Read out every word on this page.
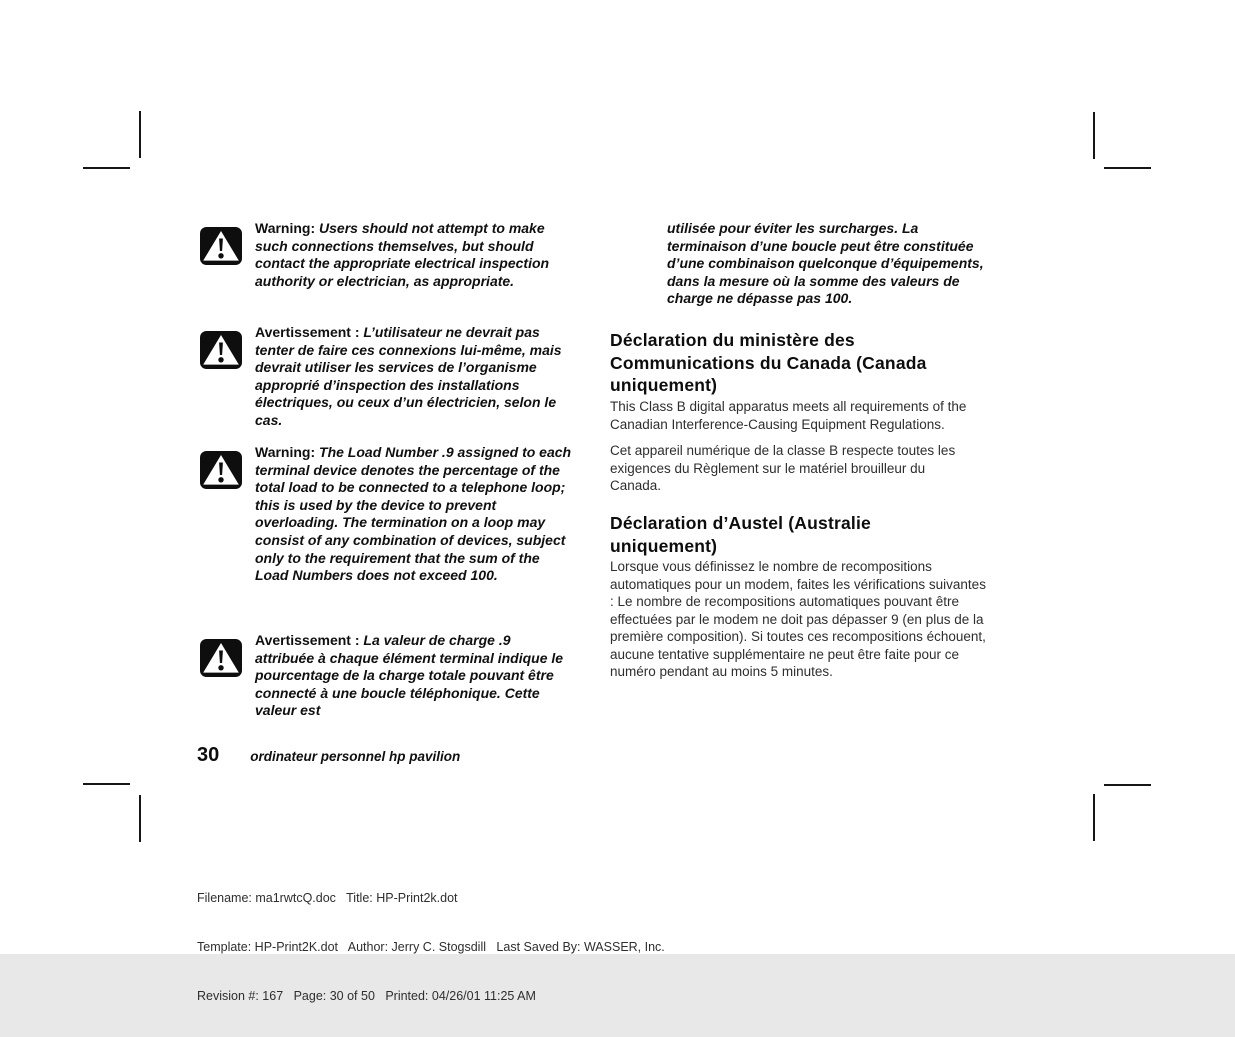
Warning: Users should not attempt to make such connections themselves, but should contact the appropriate electrical inspection authority or electrician, as appropriate.
Avertissement : L’utilisateur ne devrait pas tenter de faire ces connexions lui-même, mais devrait utiliser les services de l’organisme approprié d’inspection des installations électriques, ou ceux d’un électricien, selon le cas.
Warning: The Load Number .9 assigned to each terminal device denotes the percentage of the total load to be connected to a telephone loop; this is used by the device to prevent overloading. The termination on a loop may consist of any combination of devices, subject only to the requirement that the sum of the Load Numbers does not exceed 100.
Avertissement : La valeur de charge .9 attribuée à chaque élément terminal indique le pourcentage de la charge totale pouvant être connecté à une boucle téléphonique. Cette valeur est
utilisée pour éviter les surcharges. La terminaison d’une boucle peut être constituée d’une combinaison quelconque d’équipements, dans la mesure où la somme des valeurs de charge ne dépasse pas 100.
Déclaration du ministère des Communications du Canada (Canada uniquement)
This Class B digital apparatus meets all requirements of the Canadian Interference-Causing Equipment Regulations.
Cet appareil numérique de la classe B respecte toutes les exigences du Règlement sur le matériel brouilleur du Canada.
Déclaration d’Austel (Australie uniquement)
Lorsque vous définissez le nombre de recompositions automatiques pour un modem, faites les vérifications suivantes : Le nombre de recompositions automatiques pouvant être effectuées par le modem ne doit pas dépasser 9 (en plus de la première composition). Si toutes ces recompositions échouent, aucune tentative supplémentaire ne peut être faite pour ce numéro pendant au moins 5 minutes.
30 ordinateur personnel hp pavilion

Filename: ma1rwtcQ.doc   Title: HP-Print2k.dot

Template: HP-Print2K.dot   Author: Jerry C. Stogsdill   Last Saved By: WASSER, Inc.

Revision #: 167   Page: 30 of 50   Printed: 04/26/01 11:25 AM
